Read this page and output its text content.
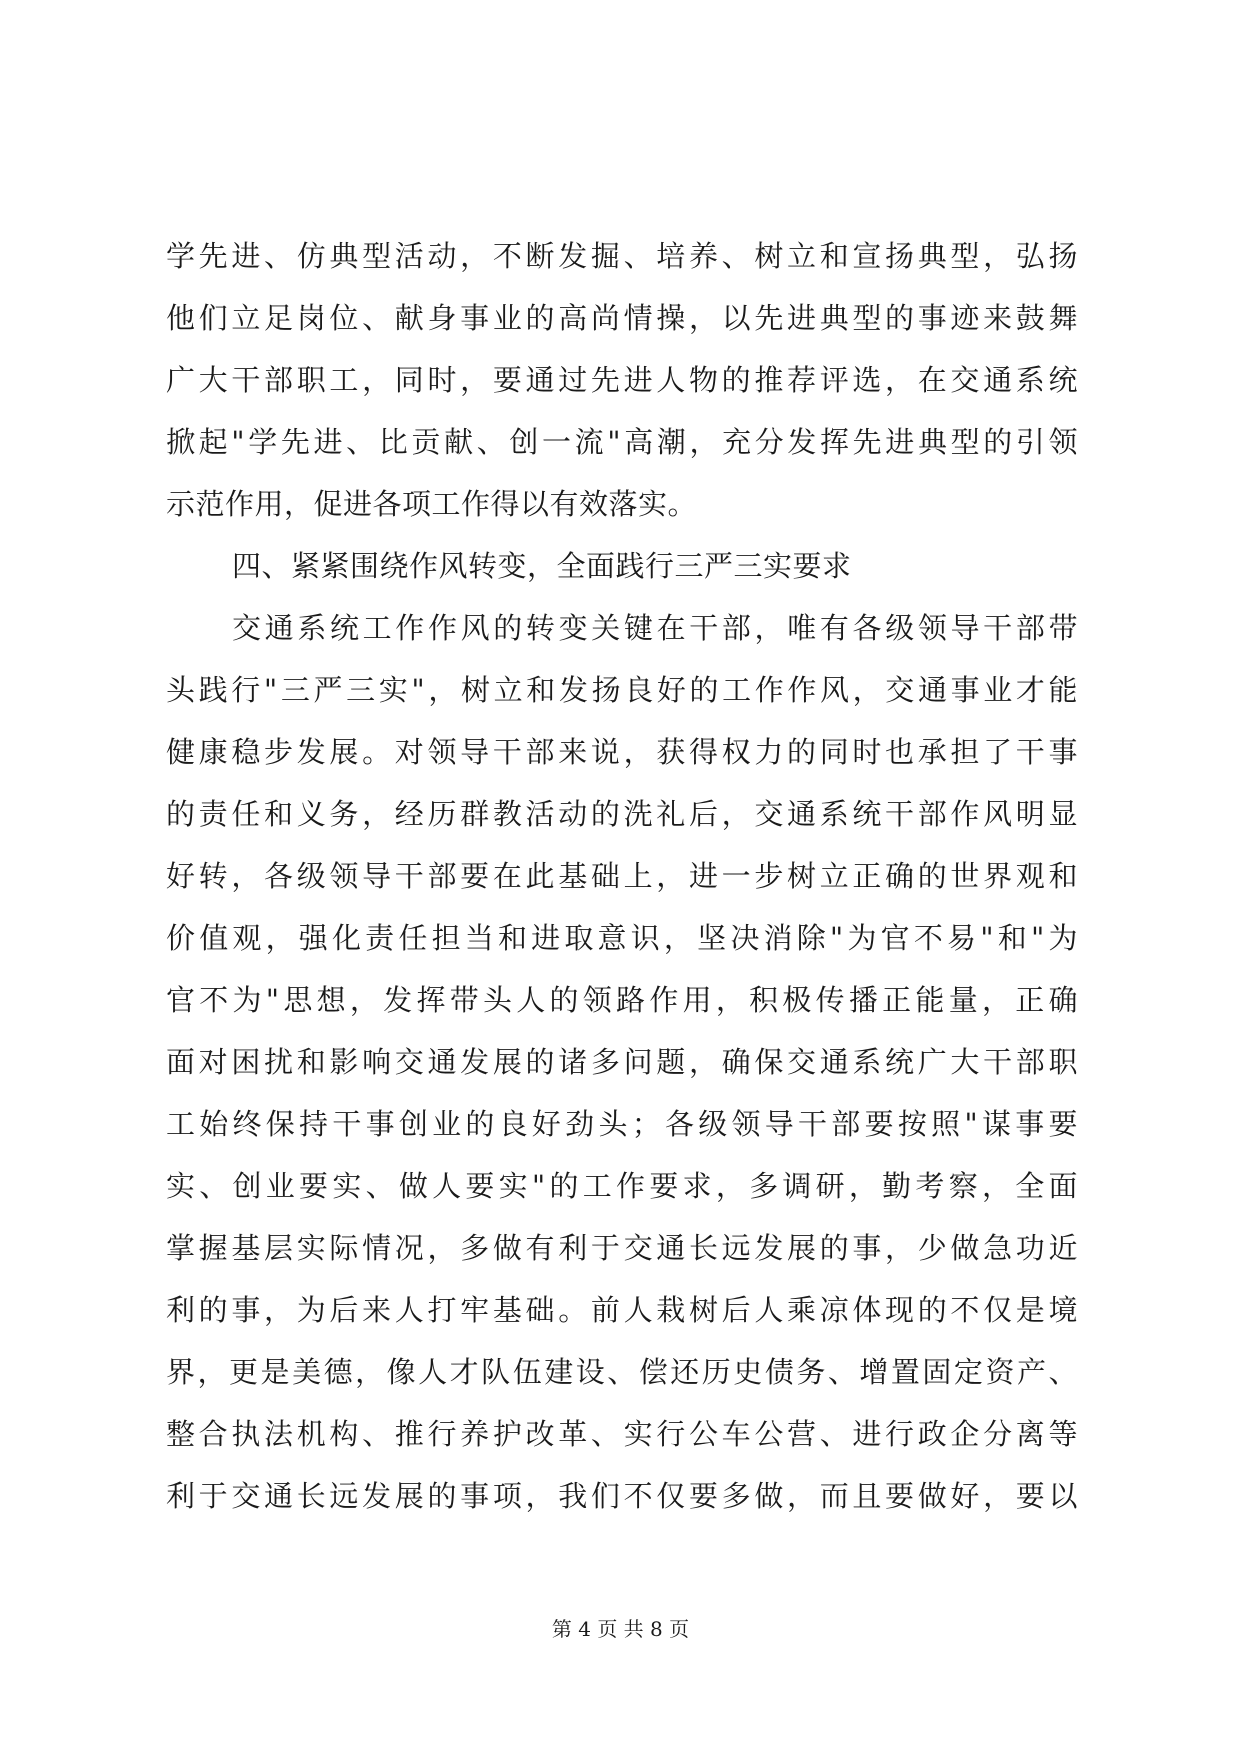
学先进、仿典型活动，不断发掘、培养、树立和宣扬典型，弘扬
他们立足岗位、献身事业的高尚情操，以先进典型的事迹来鼓舞
广大干部职工，同时，要通过先进人物的推荐评选，在交通系统
掀起"学先进、比贡献、创一流"高潮，充分发挥先进典型的引领
示范作用，促进各项工作得以有效落实。
四、紧紧围绕作风转变，全面践行三严三实要求
交通系统工作作风的转变关键在干部，唯有各级领导干部带
头践行"三严三实"，树立和发扬良好的工作作风，交通事业才能
健康稳步发展。对领导干部来说，获得权力的同时也承担了干事
的责任和义务，经历群教活动的洗礼后，交通系统干部作风明显
好转，各级领导干部要在此基础上，进一步树立正确的世界观和
价值观，强化责任担当和进取意识，坚决消除"为官不易"和"为
官不为"思想，发挥带头人的领路作用，积极传播正能量，正确
面对困扰和影响交通发展的诸多问题，确保交通系统广大干部职
工始终保持干事创业的良好劲头；各级领导干部要按照"谋事要
实、创业要实、做人要实"的工作要求，多调研，勤考察，全面
掌握基层实际情况，多做有利于交通长远发展的事，少做急功近
利的事，为后来人打牢基础。前人栽树后人乘凉体现的不仅是境
界，更是美德，像人才队伍建设、偿还历史债务、增置固定资产、
整合执法机构、推行养护改革、实行公车公营、进行政企分离等
利于交通长远发展的事项，我们不仅要多做，而且要做好，要以
第 4 页 共 8 页
